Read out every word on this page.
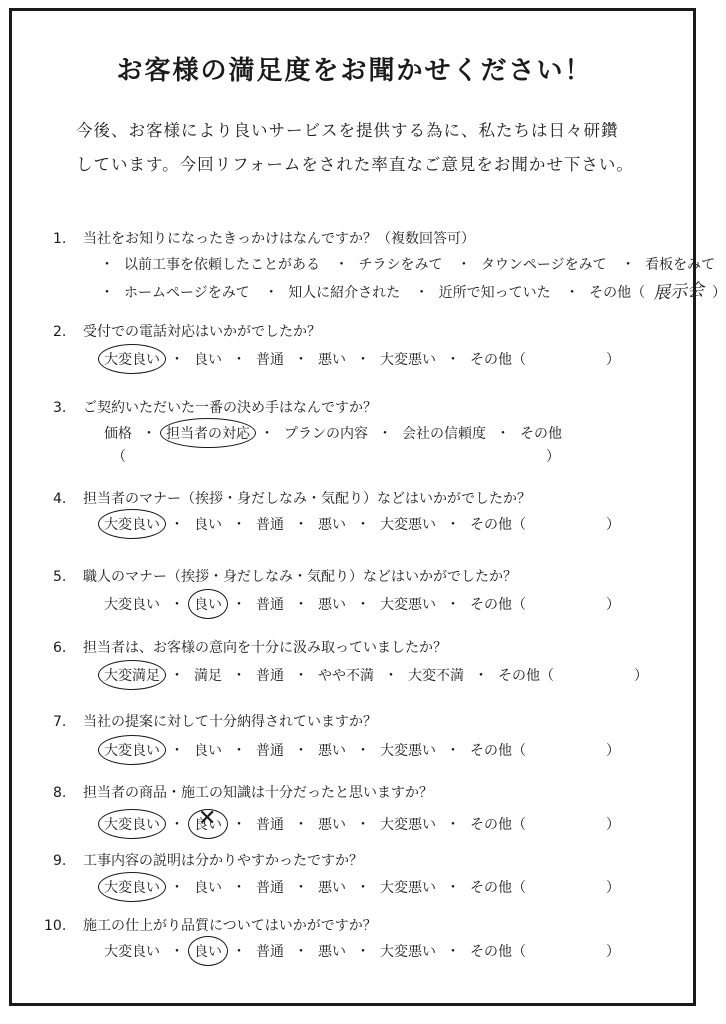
お客様の満足度をお聞かせください！
今後、お客様により良いサービスを提供する為に、私たちは日々研鑽
しています。今回リフォームをされた率直なご意見をお聞かせ下さい。
1. 当社をお知りになったきっかけはなんですか？（複数回答可）
・ 以前工事を依頼したことがある ・ チラシをみて ・ タウンページをみて ・ 看板をみて
・ ホームページをみて ・ 知人に紹介された ・ 近所で知っていた ・ その他（ 展示会 ）
2. 受付での電話対応はいかがでしたか？
大変良い ・ 良い ・ 普通 ・ 悪い ・ 大変悪い ・ その他（	）
3. ご契約いただいた一番の決め手はなんですか？
価格 ・ 担当者の対応 ・ プランの内容 ・ 会社の信頼度 ・ その他
（	）
4. 担当者のマナー（挨拶・身だしなみ・気配り）などはいかがでしたか？
大変良い ・ 良い ・ 普通 ・ 悪い ・ 大変悪い ・ その他（	）
5. 職人のマナー（挨拶・身だしなみ・気配り）などはいかがでしたか？
大変良い ・ 良い ・ 普通 ・ 悪い ・ 大変悪い ・ その他（	）
6. 担当者は、お客様の意向を十分に汲み取っていましたか？
大変満足 ・ 満足 ・ 普通 ・ やや不満 ・ 大変不満 ・ その他（	）
7. 当社の提案に対して十分納得されていますか？
大変良い ・ 良い ・ 普通 ・ 悪い ・ 大変悪い ・ その他（	）
8. 担当者の商品・施工の知識は十分だったと思いますか？
大変良い ・✕ 良い ・ 普通 ・ 悪い ・ 大変悪い ・ その他（	）
9. 工事内容の説明は分かりやすかったですか？
大変良い ・ 良い ・ 普通 ・ 悪い ・ 大変悪い ・ その他（	）
10. 施工の仕上がり品質についてはいかがですか？
大変良い ・ 良い ・ 普通 ・ 悪い ・ 大変悪い ・ その他（	）
